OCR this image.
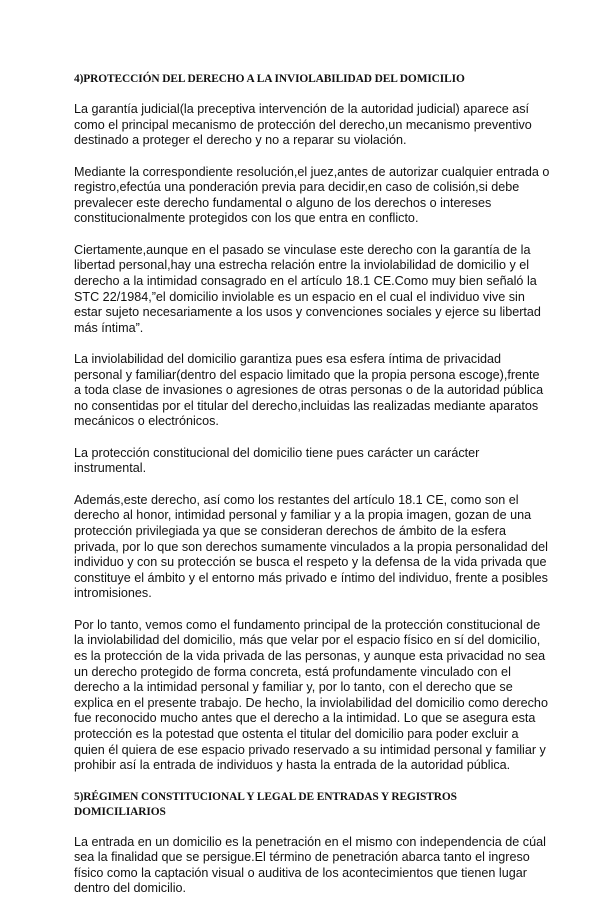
4)PROTECCIÓN DEL DERECHO A LA INVIOLABILIDAD DEL DOMICILIO

La garantía judicial(la preceptiva intervención de la autoridad judicial) aparece así como el principal mecanismo de protección del derecho,un mecanismo preventivo destinado a proteger el derecho y no a reparar su violación.

Mediante la correspondiente resolución,el juez,antes de autorizar cualquier entrada o registro,efectúa una ponderación previa para decidir,en caso de colisión,si debe prevalecer este derecho fundamental o alguno de los derechos o intereses constitucionalmente protegidos con los que entra en conflicto.

Ciertamente,aunque en el pasado se vinculase este derecho con la garantía de la libertad personal,hay una estrecha relación entre la inviolabilidad de domicilio y el derecho a la intimidad consagrado en el artículo 18.1 CE.Como muy bien señaló la STC 22/1984,”el domicilio inviolable es un espacio en el cual el individuo vive sin estar sujeto necesariamente a los usos y convenciones sociales y ejerce su libertad más íntima”.

La inviolabilidad del domicilio garantiza pues esa esfera íntima de privacidad personal y familiar(dentro del espacio limitado que la propia persona escoge),frente a toda clase de invasiones o agresiones de otras personas o de la autoridad pública no consentidas por el titular del derecho,incluidas las realizadas mediante aparatos mecánicos o electrónicos.

La protección constitucional del domicilio tiene pues carácter un carácter instrumental.

Además,este derecho, así como los restantes del artículo 18.1 CE, como son el derecho al honor, intimidad personal y familiar y a la propia imagen, gozan de una protección privilegiada ya que se consideran derechos de ámbito de la esfera privada, por lo que son derechos sumamente vinculados a la propia personalidad del individuo y con su protección se busca el respeto y la defensa de la vida privada que constituye el ámbito y el entorno más privado e íntimo del individuo, frente a posibles intromisiones.

Por lo tanto, vemos como el fundamento principal de la protección constitucional de la inviolabilidad del domicilio, más que velar por el espacio físico en sí del domicilio, es la protección de la vida privada de las personas, y aunque esta privacidad no sea un derecho protegido de forma concreta, está profundamente vinculado con el derecho a la intimidad personal y familiar y, por lo tanto, con el derecho que se explica en el presente trabajo. De hecho, la inviolabilidad del domicilio como derecho fue reconocido mucho antes que el derecho a la intimidad. Lo que se asegura esta protección es la potestad que ostenta el titular del domicilio para poder excluir a quien él quiera de ese espacio privado reservado a su intimidad personal y familiar y prohibir así la entrada de individuos y hasta la entrada de la autoridad pública.

5)RÉGIMEN CONSTITUCIONAL Y LEGAL DE ENTRADAS Y REGISTROS DOMICILIARIOS

La entrada en un domicilio es la penetración en el mismo con independencia de cúal sea la finalidad que se persigue.El término de penetración abarca tanto el ingreso físico como la captación visual o auditiva de los acontecimientos que tienen lugar dentro del domicilio.
